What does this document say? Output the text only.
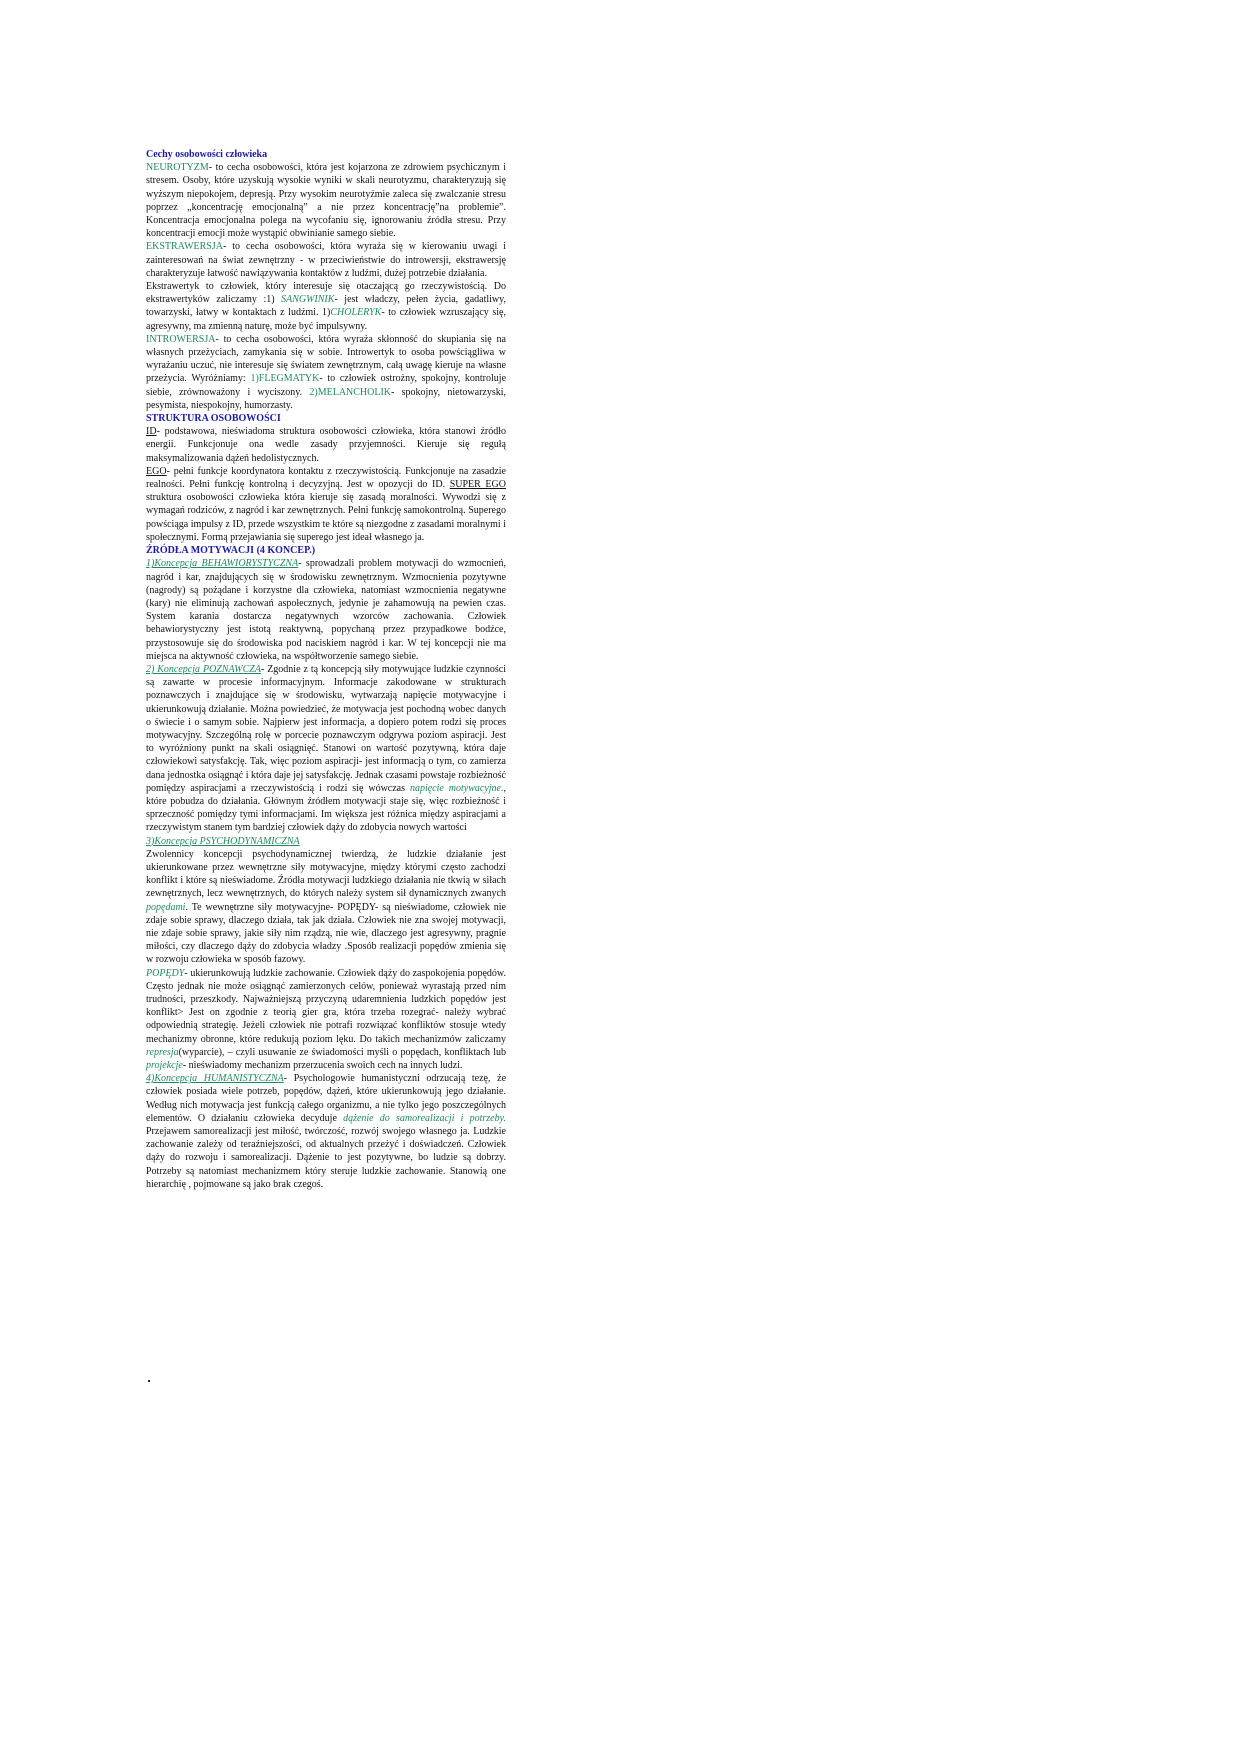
Cechy osobowości człowieka

NEUROTYZM- to cecha osobowości, która jest kojarzona ze zdrowiem psychicznym i stresem. Osoby, które uzyskują wysokie wyniki w skali neurotyzmu, charakteryzują się wyższym niepokojem, depresją. Przy wysokim neurotyźmie zaleca się zwalczanie stresu poprzez „koncentrację emocjonalną” a nie przez koncentrację”na problemie”. Koncentracja emocjonalna polega na wycofaniu się, ignorowaniu źródła stresu. Przy koncentracji emocji może wystąpić obwinianie samego siebie.

EKSTRAWERSJA- to cecha osobowości, która wyraża się w kierowaniu uwagi i zainteresowań na świat zewnętrzny - w przeciwieństwie do introwersji, ekstrawersję charakteryzuje łatwość nawiązywania kontaktów z ludźmi, dużej potrzebie działania.

Ekstrawertyk to człowiek, który interesuje się otaczającą go rzeczywistością. Do ekstrawertyków zaliczamy :1) SANGWINIK- jest władczy, pełen życia, gadatliwy, towarzyski, łatwy w kontaktach z ludźmi. 1)CHOLERYK- to człowiek wzruszający się, agresywny, ma zmienną naturę, może być impulsywny.

INTROWERSJA- to cecha osobowości, która wyraża skłonność do skupiania się na własnych przeżyciach, zamykania się w sobie. Introwertyk to osoba powściągliwa w wyrażaniu uczuć, nie interesuje się światem zewnętrznym, całą uwagę kieruje na własne przeżycia. Wyróżniamy: 1)FLEGMATYK- to człowiek ostrożny, spokojny, kontroluje siebie, zrównoważony i wyciszony. 2)MELANCHOLIK- spokojny, nietowarzyski, pesymista, niespokojny, humorzasty.

STRUKTURA OSOBOWOŚCI

ID- podstawowa, nieświadoma struktura osobowości człowieka, która stanowi źródło energii. Funkcjonuje ona wedle zasady przyjemności. Kieruje się regułą maksymalizowania dążeń hedolistycznych.

EGO- pełni funkcje koordynatora kontaktu z rzeczywistością. Funkcjonuje na zasadzie realności. Pełni funkcję kontrolną i decyzyjną. Jest w opozycji do ID. SUPER EGO struktura osobowości człowieka która kieruje się zasadą moralności. Wywodzi się z wymagań rodziców, z nagród i kar zewnętrznych. Pełni funkcję samokontrolną. Superego powściąga impulsy z ID, przede wszystkim te które są niezgodne z zasadami moralnymi i społecznymi. Formą przejawiania się superego jest ideał własnego ja.

ŹRÓDŁA MOTYWACJI (4 KONCEP.)

1)Koncepcja BEHAWIORYSTYCZNA- sprowadzali problem motywacji do wzmocnień, nagród i kar, znajdujących się w środowisku zewnętrznym. Wzmocnienia pozytywne (nagrody) są pożądane i korzystne dla człowieka, natomiast wzmocnienia negatywne (kary) nie eliminują zachowań aspołecznych, jedynie je zahamowują na pewien czas. System karania dostarcza negatywnych wzorców zachowania. Człowiek behawiorystyczny jest istotą reaktywną, popychaną przez przypadkowe bodźce, przystosowuje się do środowiska pod naciskiem nagród i kar. W tej koncepcji nie ma miejsca na aktywność człowieka, na współtworzenie samego siebie.

2) Koncepcja POZNAWCZA- Zgodnie z tą koncepcją siły motywujące ludzkie czynności są zawarte w procesie informacyjnym. Informacje zakodowane w strukturach poznawczych i znajdujące się w środowisku, wytwarzają napięcie motywacyjne i ukierunkowują działanie. Można powiedzieć, że motywacja jest pochodną wobec danych o świecie i o samym sobie. Najpierw jest informacja, a dopiero potem rodzi się proces motywacyjny. Szczególną rolę w porcecie poznawczym odgrywa poziom aspiracji. Jest to wyróżniony punkt na skali osiągnięć. Stanowi on wartość pozytywną, która daje człowiekowi satysfakcję. Tak, więc poziom aspiracji- jest informacją o tym, co zamierza dana jednostka osiągnąć i która daje jej satysfakcję. Jednak czasami powstaje rozbieżność pomiędzy aspiracjami a rzeczywistością i rodzi się wówczas napięcie motywacyjne., które pobudza do działania. Głównym źródłem motywacji staje się, więc rozbieżność i sprzeczność pomiędzy tymi informacjami. Im większa jest różnica między aspiracjami a rzeczywistym stanem tym bardziej człowiek dąży do zdobycia nowych wartości

3)Koncepcja PSYCHODYNAMICZNA

Zwolennicy koncepcji psychodynamicznej twierdzą, że ludzkie działanie jest ukierunkowane przez wewnętrzne siły motywacyjne, między którymi często zachodzi konflikt i które są nieświadome. Źródła motywacji ludzkiego działania nie tkwią w siłach zewnętrznych, lecz wewnętrznych, do których należy system sił dynamicznych zwanych popędami. Te wewnętrzne siły motywacyjne- POPĘDY- są nieświadome, człowiek nie zdaje sobie sprawy, dlaczego działa, tak jak działa. Człowiek nie zna swojej motywacji, nie zdaje sobie sprawy, jakie siły nim rządzą, nie wie, dlaczego jest agresywny, pragnie miłości, czy dlaczego dąży do zdobycia władzy .Sposób realizacji popędów zmienia się w rozwoju człowieka w sposób fazowy.

POPĘDY- ukierunkowują ludzkie zachowanie. Człowiek dąży do zaspokojenia popędów. Często jednak nie może osiągnąć zamierzonych celów, ponieważ wyrastają przed nim trudności, przeszkody. Najważniejszą przyczyną udaremnienia ludzkich popędów jest konflikt> Jest on zgodnie z teorią gier gra, która trzeba rozegrać- należy wybrać odpowiednią strategię. Jeżeli człowiek nie potrafi rozwiązać konfliktów stosuje wtedy mechanizmy obronne, które redukują poziom lęku. Do takich mechanizmów zaliczamy represja(wyparcie), – czyli usuwanie ze świadomości myśli o popędach, konfliktach lub projekcje- nieświadomy mechanizm przerzucenia swoich cech na innych ludzi.

4)Koncepcja HUMANISTYCZNA- Psychologowie humanistyczni odrzucają tezę, że człowiek posiada wiele potrzeb, popędów, dążeń, które ukierunkowują jego działanie. Według nich motywacja jest funkcją całego organizmu, a nie tylko jego poszczególnych elementów. O działaniu człowieka decyduje dążenie do samorealizacji i potrzeby. Przejawem samorealizacji jest miłość, twórczość, rozwój swojego własnego ja. Ludzkie zachowanie zależy od teraźniejszości, od aktualnych przeżyć i doświadczeń. Człowiek dąży do rozwoju i samorealizacji. Dążenie to jest pozytywne, bo ludzie są dobrzy. Potrzeby są natomiast mechanizmem który steruje ludzkie zachowanie. Stanowią one hierarchię , pojmowane są jako brak czegoś.
